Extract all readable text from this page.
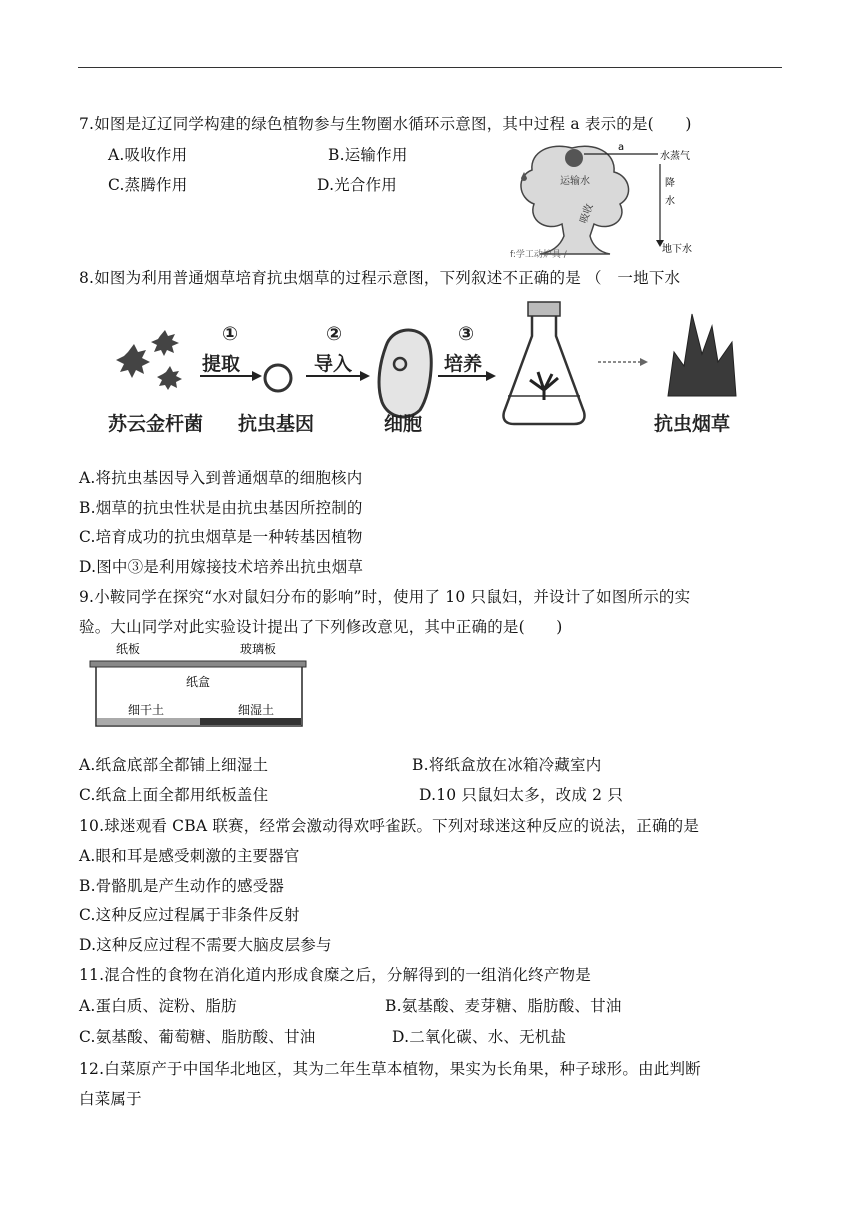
7.如图是辽辽同学构建的绿色植物参与生物圈水循环示意图，其中过程 a 表示的是(　　)
A.吸收作用	B.运输作用
C.蒸腾作用	D.光合作用	运输水
吸收
a
水蒸气
降
水
地下水
f:学工动炉具 /
8.如图为利用普通烟草培育抗虫烟草的过程示意图，下列叙述不正确的是 （　一地下水
①
提取
②
导入
③
培养
苏云金杆菌 抗虫基因	细胞	抗虫烟草
A.将抗虫基因导入到普通烟草的细胞核内
B.烟草的抗虫性状是由抗虫基因所控制的
C.培育成功的抗虫烟草是一种转基因植物
D.图中③是利用嫁接技术培养出抗虫烟草
9.小鞍同学在探究“水对鼠妇分布的影响”时，使用了 10 只鼠妇，并设计了如图所示的实
验。大山同学对此实验设计提出了下列修改意见，其中正确的是(　　)
纸板	玻璃板
纸盒
细干土	细湿土
A.纸盒底部全都铺上细湿土	B.将纸盒放在冰箱冷藏室内
C.纸盒上面全都用纸板盖住	D.10 只鼠妇太多，改成 2 只
10.球迷观看 CBA 联赛，经常会激动得欢呼雀跃。下列对球迷这种反应的说法，正确的是
A.眼和耳是感受刺激的主要器官
B.骨骼肌是产生动作的感受器
C.这种反应过程属于非条件反射
D.这种反应过程不需要大脑皮层参与
11.混合性的食物在消化道内形成食糜之后，分解得到的一组消化终产物是
A.蛋白质、淀粉、脂肪	B.氨基酸、麦芽糖、脂肪酸、甘油
C.氨基酸、葡萄糖、脂肪酸、甘油	D.二氧化碳、水、无机盐
12.白菜原产于中国华北地区，其为二年生草本植物，果实为长角果，种子球形。由此判断
白菜属于
